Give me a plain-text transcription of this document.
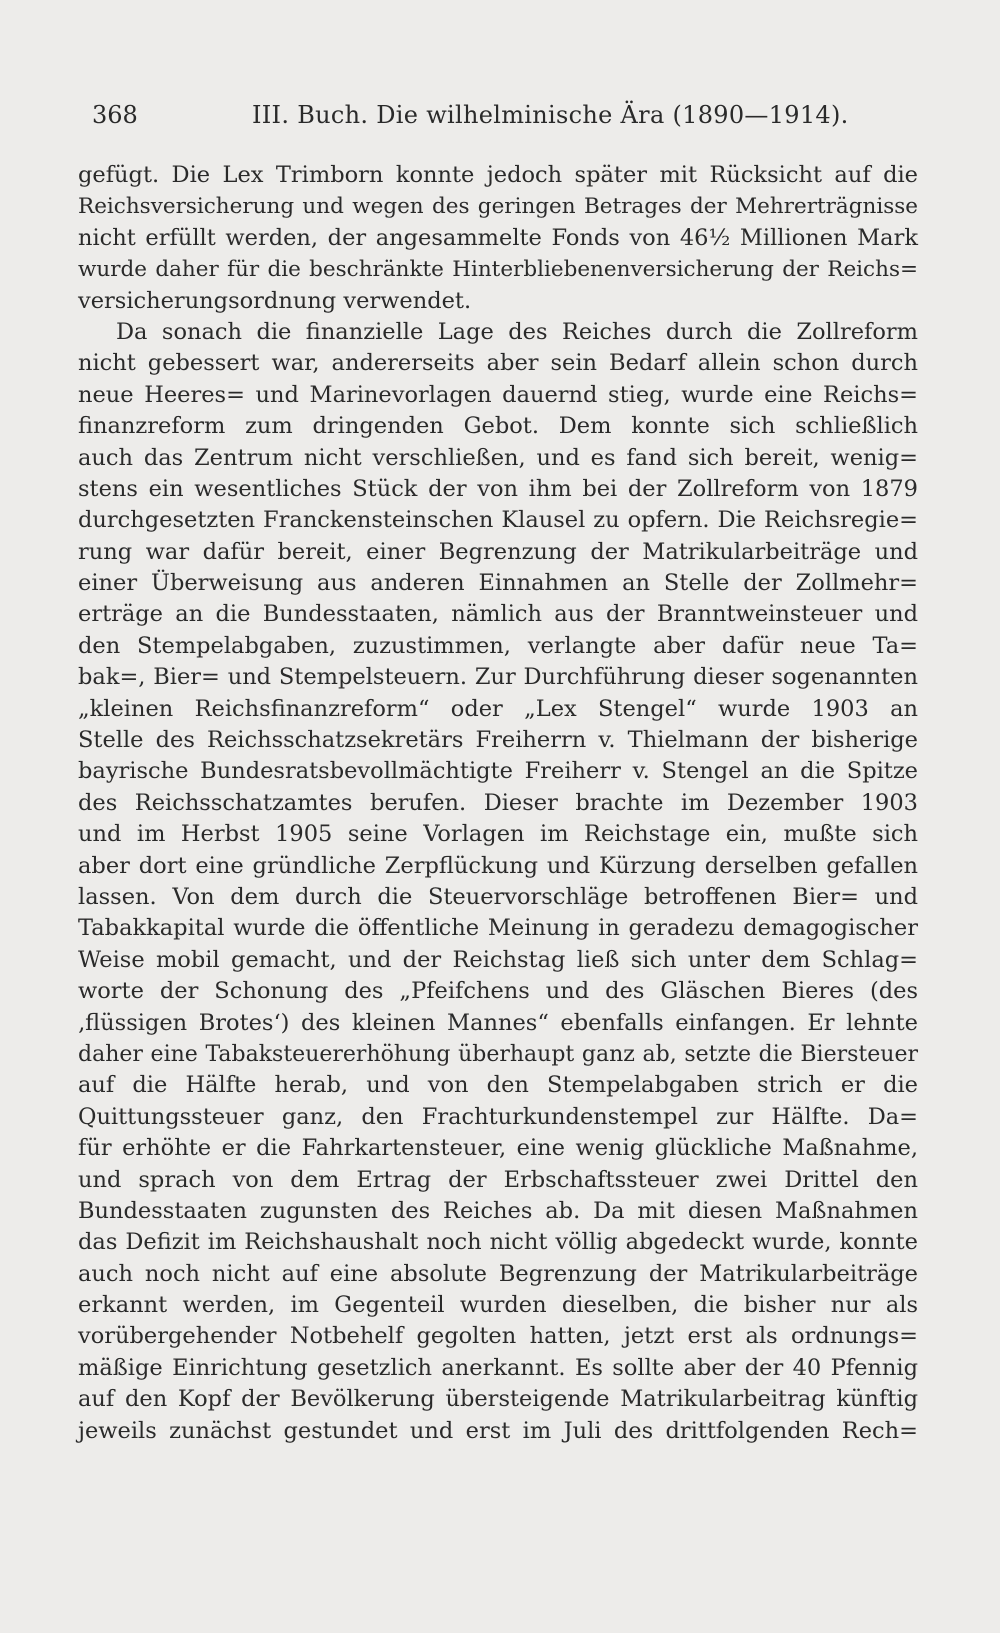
368	III. Buch. Die wilhelminische Ära (1890—1914).
gefügt. Die Lex Trimborn konnte jedoch später mit Rücksicht auf die
Reichsversicherung und wegen des geringen Betrages der Mehrerträgnisse
nicht erfüllt werden, der angesammelte Fonds von 46½ Millionen Mark
wurde daher für die beschränkte Hinterbliebenenversicherung der Reichs=
versicherungsordnung verwendet.
Da sonach die finanzielle Lage des Reiches durch die Zollreform
nicht gebessert war, andererseits aber sein Bedarf allein schon durch
neue Heeres= und Marinevorlagen dauernd stieg, wurde eine Reichs=
finanzreform zum dringenden Gebot. Dem konnte sich schließlich
auch das Zentrum nicht verschließen, und es fand sich bereit, wenig=
stens ein wesentliches Stück der von ihm bei der Zollreform von 1879
durchgesetzten Franckensteinschen Klausel zu opfern. Die Reichsregie=
rung war dafür bereit, einer Begrenzung der Matrikularbeiträge und
einer Überweisung aus anderen Einnahmen an Stelle der Zollmehr=
erträge an die Bundesstaaten, nämlich aus der Branntweinsteuer und
den Stempelabgaben, zuzustimmen, verlangte aber dafür neue Ta=
bak=, Bier= und Stempelsteuern. Zur Durchführung dieser sogenannten
„kleinen Reichsfinanzreform“ oder „Lex Stengel“ wurde 1903 an
Stelle des Reichsschatzsekretärs Freiherrn v. Thielmann der bisherige
bayrische Bundesratsbevollmächtigte Freiherr v. Stengel an die Spitze
des Reichsschatzamtes berufen. Dieser brachte im Dezember 1903
und im Herbst 1905 seine Vorlagen im Reichstage ein, mußte sich
aber dort eine gründliche Zerpflückung und Kürzung derselben gefallen
lassen. Von dem durch die Steuervorschläge betroffenen Bier= und
Tabakkapital wurde die öffentliche Meinung in geradezu demagogischer
Weise mobil gemacht, und der Reichstag ließ sich unter dem Schlag=
worte der Schonung des „Pfeifchens und des Gläschen Bieres (des
‚flüssigen Brotes‘) des kleinen Mannes“ ebenfalls einfangen. Er lehnte
daher eine Tabaksteuererhöhung überhaupt ganz ab, setzte die Biersteuer
auf die Hälfte herab, und von den Stempelabgaben strich er die
Quittungssteuer ganz, den Frachturkundenstempel zur Hälfte. Da=
für erhöhte er die Fahrkartensteuer, eine wenig glückliche Maßnahme,
und sprach von dem Ertrag der Erbschaftssteuer zwei Drittel den
Bundesstaaten zugunsten des Reiches ab. Da mit diesen Maßnahmen
das Defizit im Reichshaushalt noch nicht völlig abgedeckt wurde, konnte
auch noch nicht auf eine absolute Begrenzung der Matrikularbeiträge
erkannt werden, im Gegenteil wurden dieselben, die bisher nur als
vorübergehender Notbehelf gegolten hatten, jetzt erst als ordnungs=
mäßige Einrichtung gesetzlich anerkannt. Es sollte aber der 40 Pfennig
auf den Kopf der Bevölkerung übersteigende Matrikularbeitrag künftig
jeweils zunächst gestundet und erst im Juli des drittfolgenden Rech=
